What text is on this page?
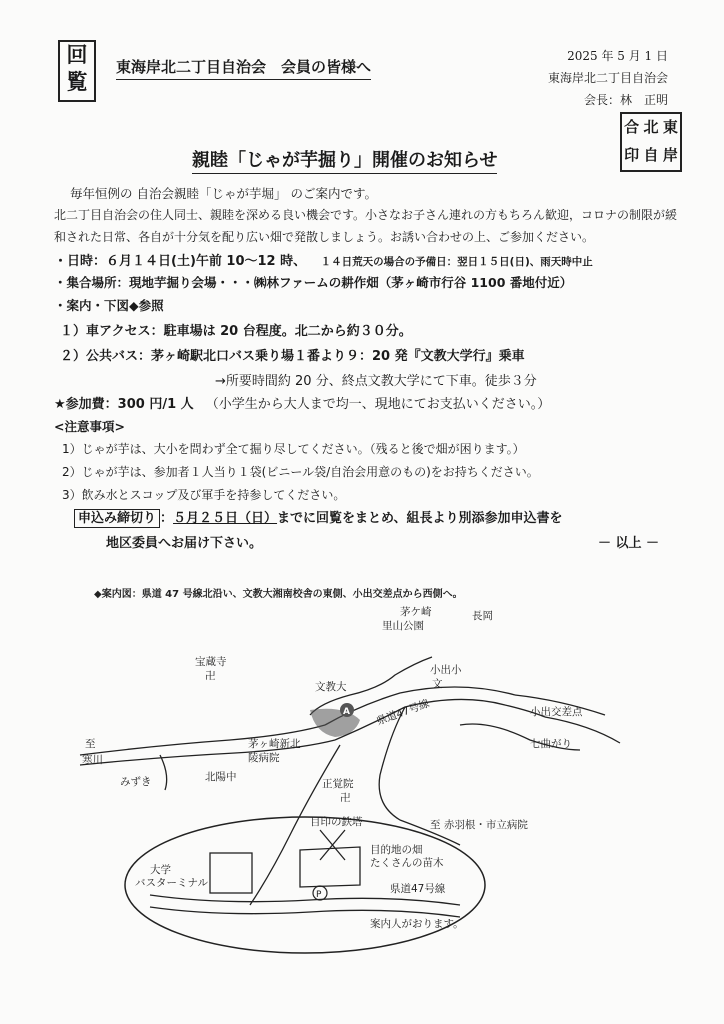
回
覧
東海岸北二丁目自治会　会員の皆様へ
2025 年 5 月 1 日
東海岸北二丁目自治会
会長：林　正明
合 北 東
印 自 岸
親睦「じゃが芋掘り」開催のお知らせ
毎年恒例の 自治会親睦「じゃが芋堀」 のご案内です。
北二丁目自治会の住人同士、親睦を深める良い機会です。小さなお子さん連れの方もちろん歓迎，コロナの制限が緩
和された日常、各自が十分気を配り広い畑で発散しましょう。お誘い合わせの上、ご参加ください。
・日時：６月１４日(土)午前 10～12 時、 １４日荒天の場合の予備日：翌日１５日(日)、雨天時中止
・集合場所：現地芋掘り会場・・・㈱林ファームの耕作畑（茅ヶ崎市行谷 1100 番地付近）
・案内・下図◆参照
１）車アクセス：駐車場は 20 台程度。北二から約３０分。
２）公共バス：茅ヶ崎駅北口バス乗り場１番より９：20 発『文教大学行』乗車
→所要時間約 20 分、終点文教大学にて下車。徒歩３分
★参加費：300 円/1 人 （小学生から大人まで均一、現地にてお支払いください。）
<注意事項>
1）じゃが芋は、大小を問わず全て掘り尽してください。（残ると後で畑が困ります。）
2）じゃが芋は、参加者１人当り１袋(ビニール袋/自治会用意のもの)をお持ちください。
3）飲み水とスコップ及び軍手を持参してください。
申込み締切り ：５月２５日（日）までに回覧をまとめ、組長より別添参加申込書を
地区委員へお届け下さい。	－ 以上 －
◆案内図：県道 47 号線北沿い、文教大湘南校舎の東側、小出交差点から西側へ。
A
茅ケ崎
里山公園
長岡
宝蔵寺
卍
文教大
小出小
文
県道47号線	小出交差点
七曲がり
至
寒川
みずき
茅ヶ崎新北
陵病院
北陽中
正覚院
卍
目印の鉄塔	至 赤羽根・市立病院
目的地の畑
たくさんの苗木
大学
バスターミナル	県道47号線
案内人がおります。
P
